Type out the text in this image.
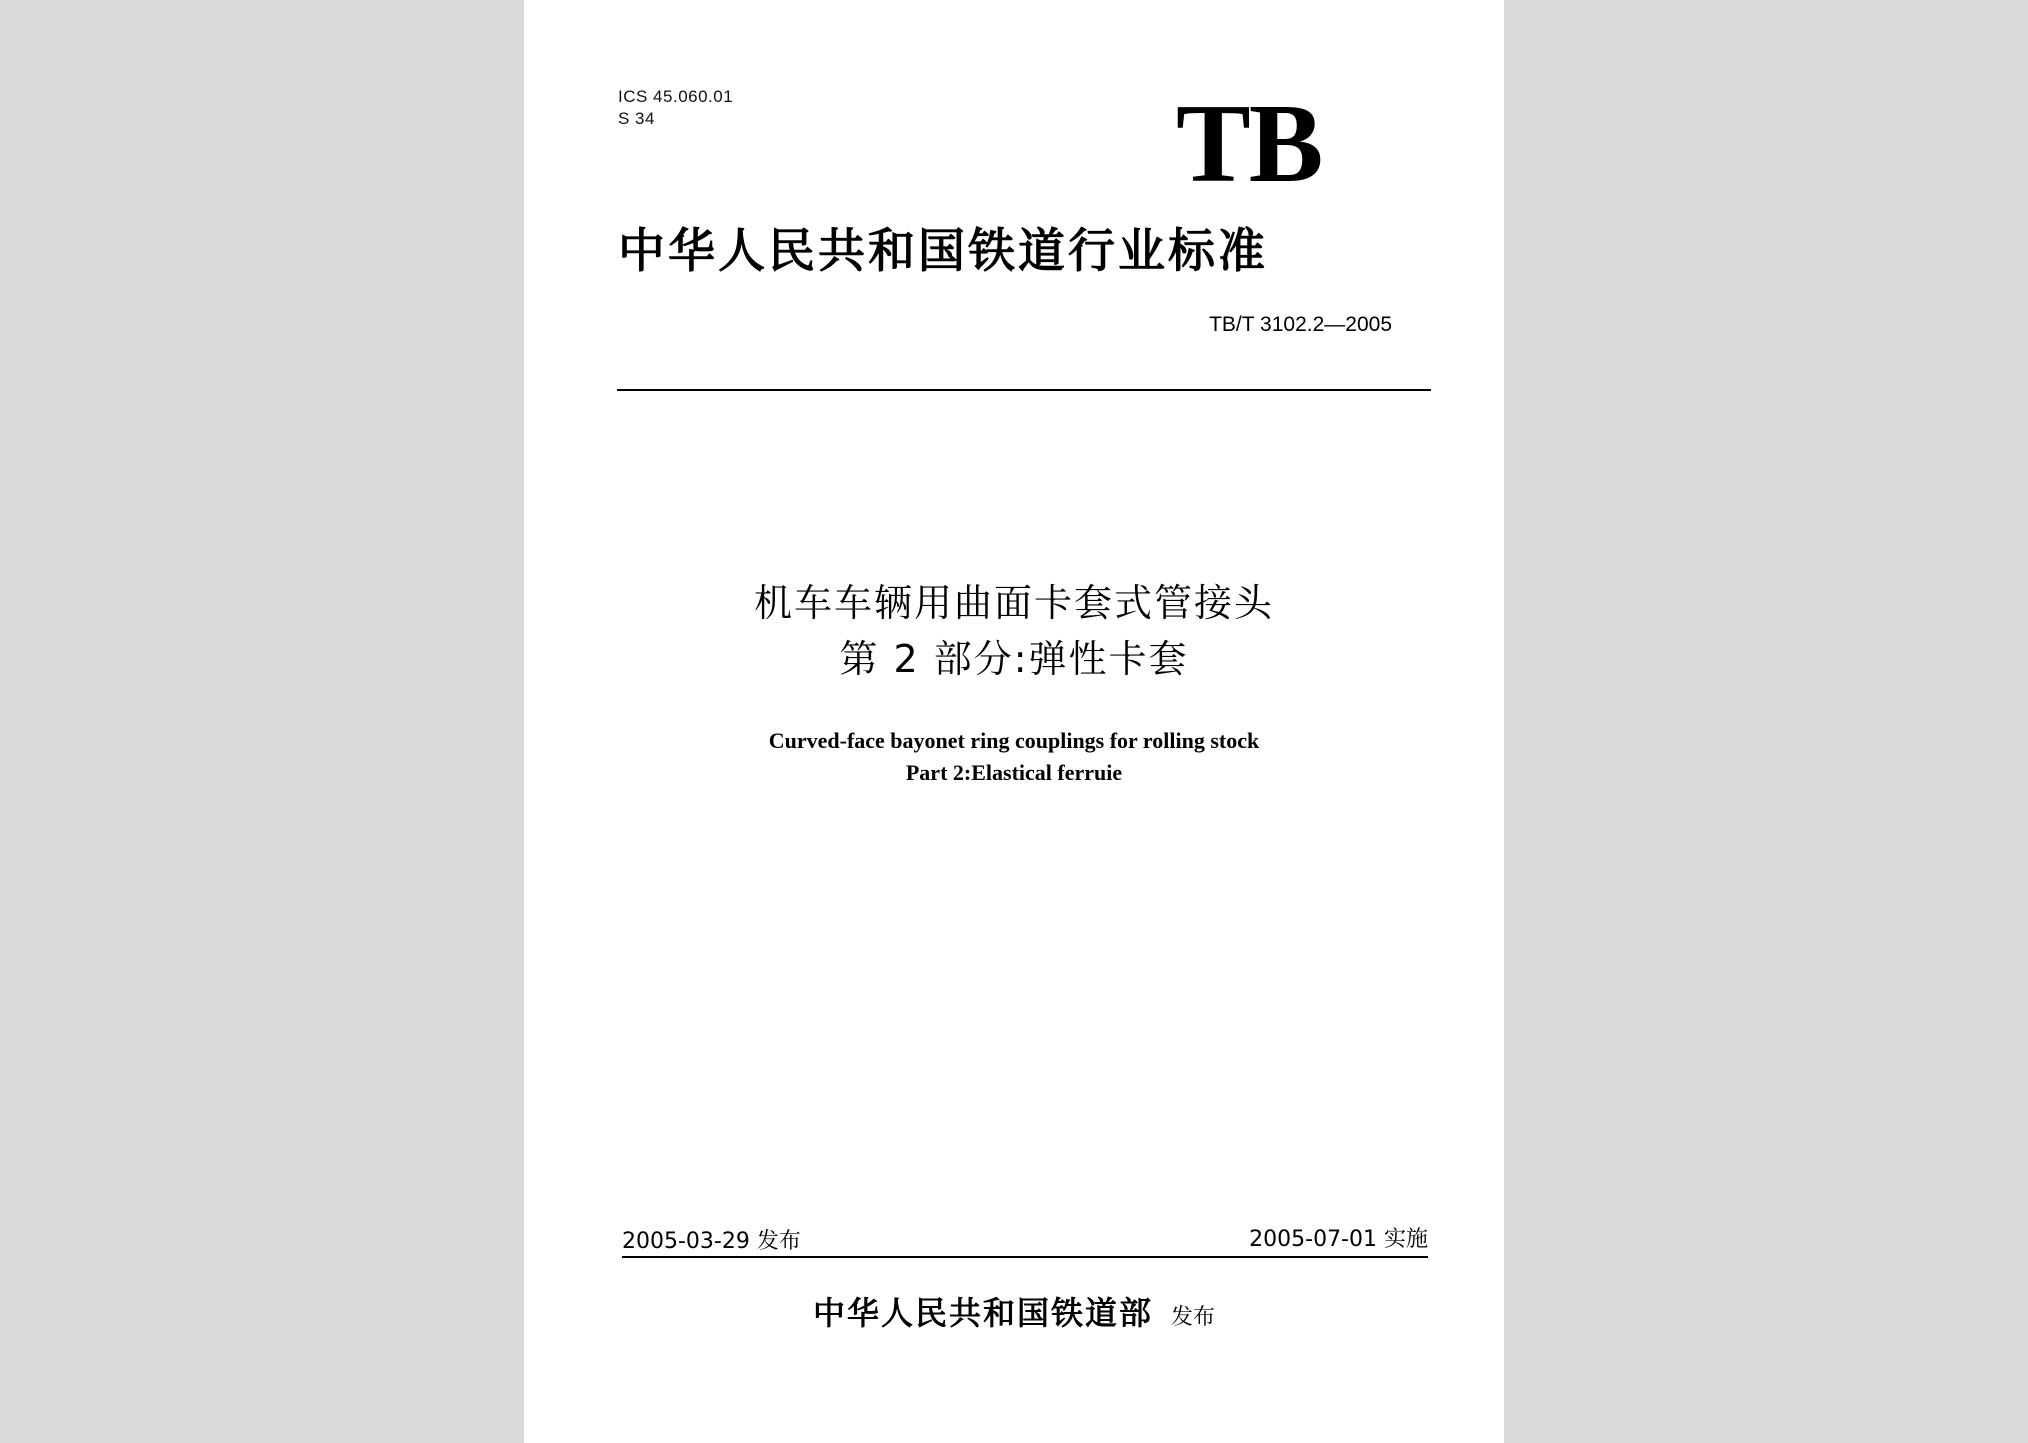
ICS 45.060.01
S 34	TB
中华人民共和国铁道行业标准
TB/T 3102.2—2005
机车车辆用曲面卡套式管接头
第 2 部分:弹性卡套
Curved-face bayonet ring couplings for rolling stock
Part 2:Elastical ferruie
2005-03-29 发布	2005-07-01 实施
中华人民共和国铁道部 发布
